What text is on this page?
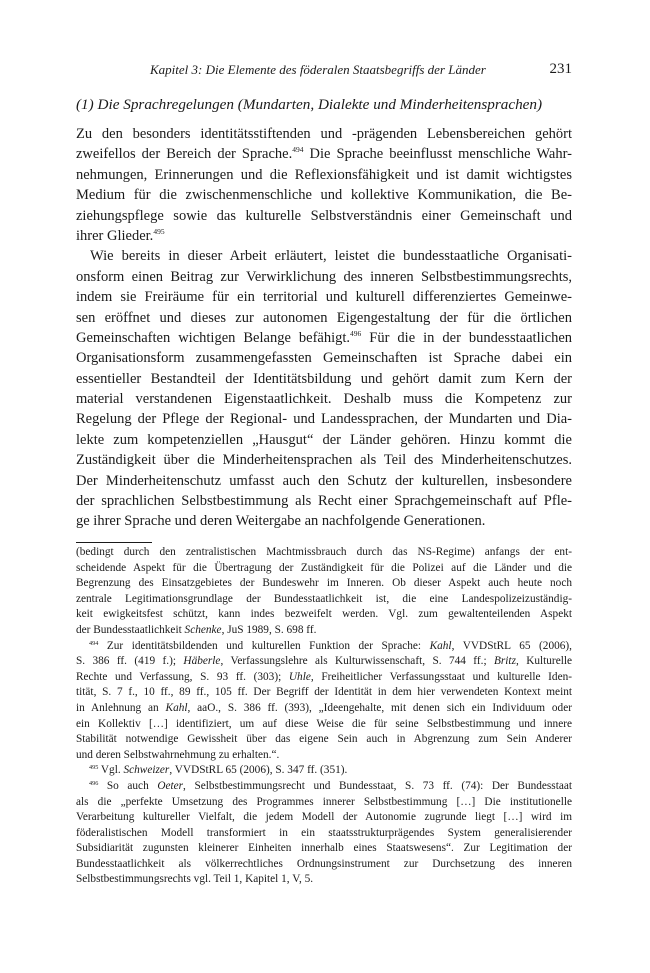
Kapitel 3: Die Elemente des föderalen Staatsbegriffs der Länder	231
(1) Die Sprachregelungen (Mundarten, Dialekte und Minderheitensprachen)
Zu den besonders identitätsstiftenden und -prägenden Lebensbereichen gehört
zweifellos der Bereich der Sprache.$^{494}$ Die Sprache beeinflusst menschliche Wahr-
nehmungen, Erinnerungen und die Reflexionsfähigkeit und ist damit wichtigstes
Medium für die zwischenmenschliche und kollektive Kommunikation, die Be-
ziehungspflege sowie das kulturelle Selbstverständnis einer Gemeinschaft und
ihrer Glieder.$^{495}$
Wie bereits in dieser Arbeit erläutert, leistet die bundesstaatliche Organisati-
onsform einen Beitrag zur Verwirklichung des inneren Selbstbestimmungsrechts,
indem sie Freiräume für ein territorial und kulturell differenziertes Gemeinwe-
sen eröffnet und dieses zur autonomen Eigengestaltung der für die örtlichen
Gemeinschaften wichtigen Belange befähigt.$^{496}$ Für die in der bundesstaatlichen
Organisationsform zusammengefassten Gemeinschaften ist Sprache dabei ein
essentieller Bestandteil der Identitätsbildung und gehört damit zum Kern der
material verstandenen Eigenstaatlichkeit. Deshalb muss die Kompetenz zur
Regelung der Pflege der Regional- und Landessprachen, der Mundarten und Dia-
lekte zum kompetenziellen „Hausgut“ der Länder gehören. Hinzu kommt die
Zuständigkeit über die Minderheitensprachen als Teil des Minderheitenschutzes.
Der Minderheitenschutz umfasst auch den Schutz der kulturellen, insbesondere
der sprachlichen Selbstbestimmung als Recht einer Sprachgemeinschaft auf Pfle-
ge ihrer Sprache und deren Weitergabe an nachfolgende Generationen.
(bedingt durch den zentralistischen Machtmissbrauch durch das NS-Regime) anfangs der ent-
scheidende Aspekt für die Übertragung der Zuständigkeit für die Polizei auf die Länder und die
Begrenzung des Einsatzgebietes der Bundeswehr im Inneren. Ob dieser Aspekt auch heute noch
zentrale Legitimationsgrundlage der Bundesstaatlichkeit ist, die eine Landespolizeizuständig-
keit ewigkeitsfest schützt, kann indes bezweifelt werden. Vgl. zum gewaltenteilenden Aspekt
der Bundesstaatlichkeit Schenke, JuS 1989, S. 698 ff.
$^{494}$ Zur identitätsbildenden und kulturellen Funktion der Sprache: Kahl, VVDStRL 65 (2006),
S. 386 ff. (419 f.); Häberle, Verfassungslehre als Kulturwissenschaft, S. 744 ff.; Britz, Kulturelle
Rechte und Verfassung, S. 93 ff. (303); Uhle, Freiheitlicher Verfassungsstaat und kulturelle Iden-
tität, S. 7 f., 10 ff., 89 ff., 105 ff. Der Begriff der Identität in dem hier verwendeten Kontext meint
in Anlehnung an Kahl, aaO., S. 386 ff. (393), „Ideengehalte, mit denen sich ein Individuum oder
ein Kollektiv […] identifiziert, um auf diese Weise die für seine Selbstbestimmung und innere
Stabilität notwendige Gewissheit über das eigene Sein auch in Abgrenzung zum Sein Anderer
und deren Selbstwahrnehmung zu erhalten.“.
$^{495}$ Vgl. Schweizer, VVDStRL 65 (2006), S. 347 ff. (351).
$^{496}$ So auch Oeter, Selbstbestimmungsrecht und Bundesstaat, S. 73 ff. (74): Der Bundesstaat
als die „perfekte Umsetzung des Programmes innerer Selbstbestimmung […] Die institutionelle
Verarbeitung kultureller Vielfalt, die jedem Modell der Autonomie zugrunde liegt […] wird im
föderalistischen Modell transformiert in ein staatsstrukturprägendes System generalisierender
Subsidiarität zugunsten kleinerer Einheiten innerhalb eines Staatswesens“. Zur Legitimation der
Bundesstaatlichkeit als völkerrechtliches Ordnungsinstrument zur Durchsetzung des inneren
Selbstbestimmungsrechts vgl. Teil 1, Kapitel 1, V, 5.
